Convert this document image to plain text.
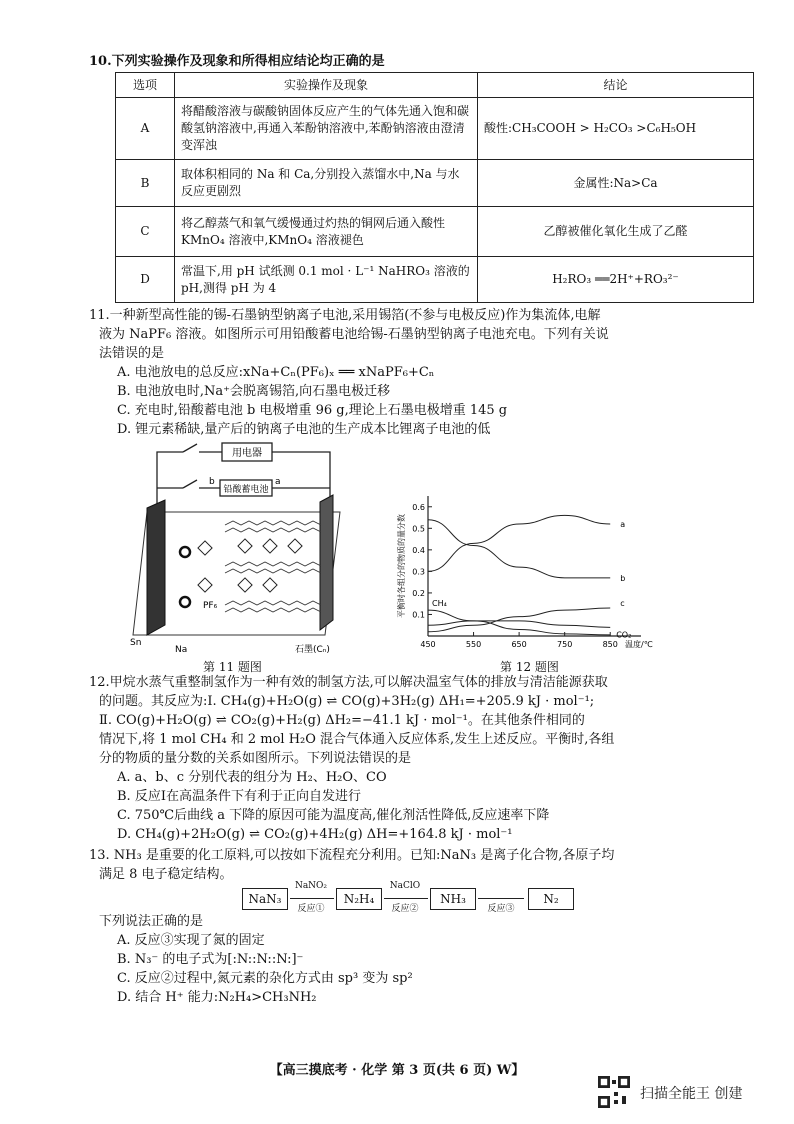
10.下列实验操作及现象和所得相应结论均正确的是
选项	实验操作及现象	结论
A	将醋酸溶液与碳酸钠固体反应产生的气体先通入饱和碳酸氢钠溶液中,再通入苯酚钠溶液中,苯酚钠溶液由澄清变浑浊	酸性:CH₃COOH > H₂CO₃ >C₆H₅OH
B	取体积相同的 Na 和 Ca,分别投入蒸馏水中,Na 与水反应更剧烈	金属性:Na>Ca
C	将乙醇蒸气和氧气缓慢通过灼热的铜网后通入酸性 KMnO₄ 溶液中,KMnO₄ 溶液褪色	乙醇被催化氧化生成了乙醛
D	常温下,用 pH 试纸测 0.1 mol · L⁻¹ NaHRO₃ 溶液的 pH,测得 pH 为 4	H₂RO₃ ══2H⁺+RO₃²⁻
11.一种新型高性能的锡-石墨钠型钠离子电池,采用锡箔(不参与电极反应)作为集流体,电解
液为 NaPF₆ 溶液。如图所示可用铅酸蓄电池给锡-石墨钠型钠离子电池充电。下列有关说
法错误的是
A. 电池放电的总反应:xNa+Cₙ(PF₆)ₓ ══ xNaPF₆+Cₙ
B. 电池放电时,Na⁺会脱离锡箔,向石墨电极迁移
C. 充电时,铅酸蓄电池 b 电极增重 96 g,理论上石墨电极增重 145 g
D. 锂元素稀缺,量产后的钠离子电池的生产成本比锂离子电池的低
用电器
b
铅酸蓄电池
a
PF₆
Sn
Na	石墨(Cₙ)
第 11 题图
0.1
0.2
0.3
0.4
0.5
0.6
450	550	650	750	850 温度/℃
平衡时各组分的物质的量分数	a
b
c
CH₄
CO₂
第 12 题图
12.甲烷水蒸气重整制氢作为一种有效的制氢方法,可以解决温室气体的排放与清洁能源获取
的问题。其反应为:Ⅰ. CH₄(g)+H₂O(g) ⇌ CO(g)+3H₂(g) ΔH₁=+205.9 kJ · mol⁻¹;
Ⅱ. CO(g)+H₂O(g) ⇌ CO₂(g)+H₂(g) ΔH₂=−41.1 kJ · mol⁻¹。在其他条件相同的
情况下,将 1 mol CH₄ 和 2 mol H₂O 混合气体通入反应体系,发生上述反应。平衡时,各组
分的物质的量分数的关系如图所示。下列说法错误的是
A. a、b、c 分别代表的组分为 H₂、H₂O、CO
B. 反应Ⅰ在高温条件下有利于正向自发进行
C. 750℃后曲线 a 下降的原因可能为温度高,催化剂活性降低,反应速率下降
D. CH₄(g)+2H₂O(g) ⇌ CO₂(g)+4H₂(g) ΔH=+164.8 kJ · mol⁻¹
13. NH₃ 是重要的化工原料,可以按如下流程充分利用。已知:NaN₃ 是离子化合物,各原子均
满足 8 电子稳定结构。
NaN₃
NaNO₂
反应①
N₂H₄
NaClO
反应②
NH₃
反应③
N₂
下列说法正确的是
A. 反应③实现了氮的固定
B. N₃⁻ 的电子式为[:N::N::N:]⁻
C. 反应②过程中,氮元素的杂化方式由 sp³ 变为 sp²
D. 结合 H⁺ 能力:N₂H₄>CH₃NH₂
【高三摸底考 · 化学 第 3 页(共 6 页) W】
扫描全能王 创建
